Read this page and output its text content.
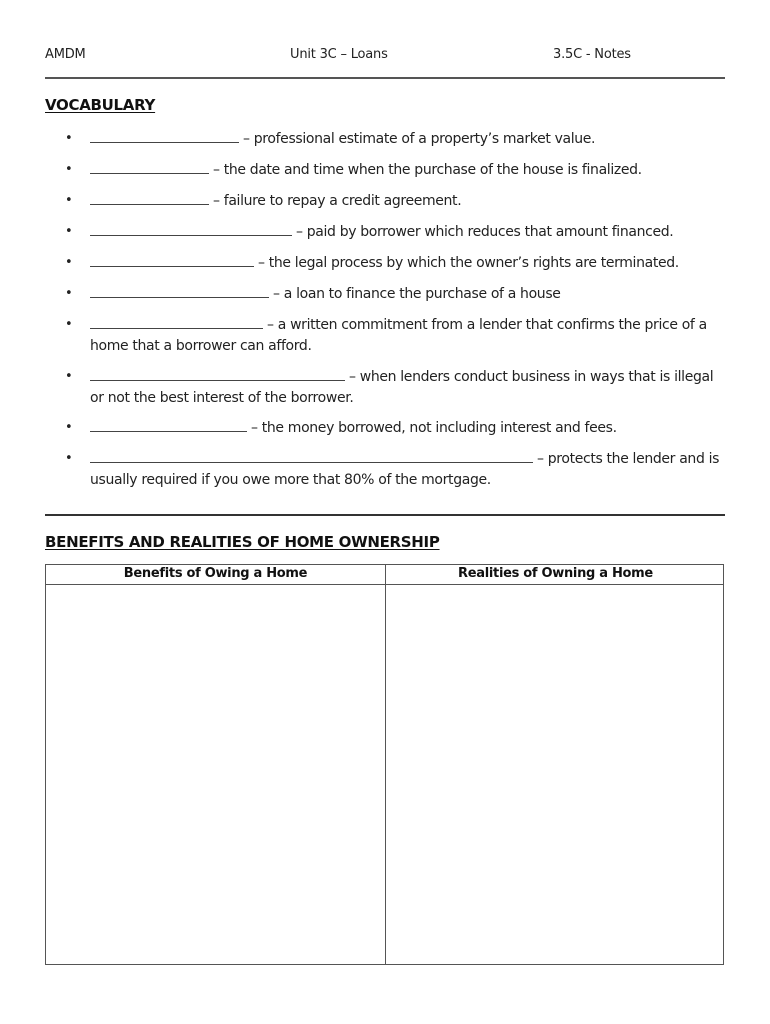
AMDM	Unit 3C – Loans	3.5C - Notes
VOCABULARY
•	– professional estimate of a property’s market value.
•	– the date and time when the purchase of the house is finalized.
•	– failure to repay a credit agreement.
•	– paid by borrower which reduces that amount financed.
•	– the legal process by which the owner’s rights are terminated.
•	– a loan to finance the purchase of a house
•	– a written commitment from a lender that confirms the price of a home that a borrower can afford.
•	– when lenders conduct business in ways that is illegal or not the best interest of the borrower.
•	– the money borrowed, not including interest and fees.
•	– protects the lender and is usually required if you owe more that 80% of the mortgage.
BENEFITS AND REALITIES OF HOME OWNERSHIP
Benefits of Owing a Home	Realities of Owning a Home
